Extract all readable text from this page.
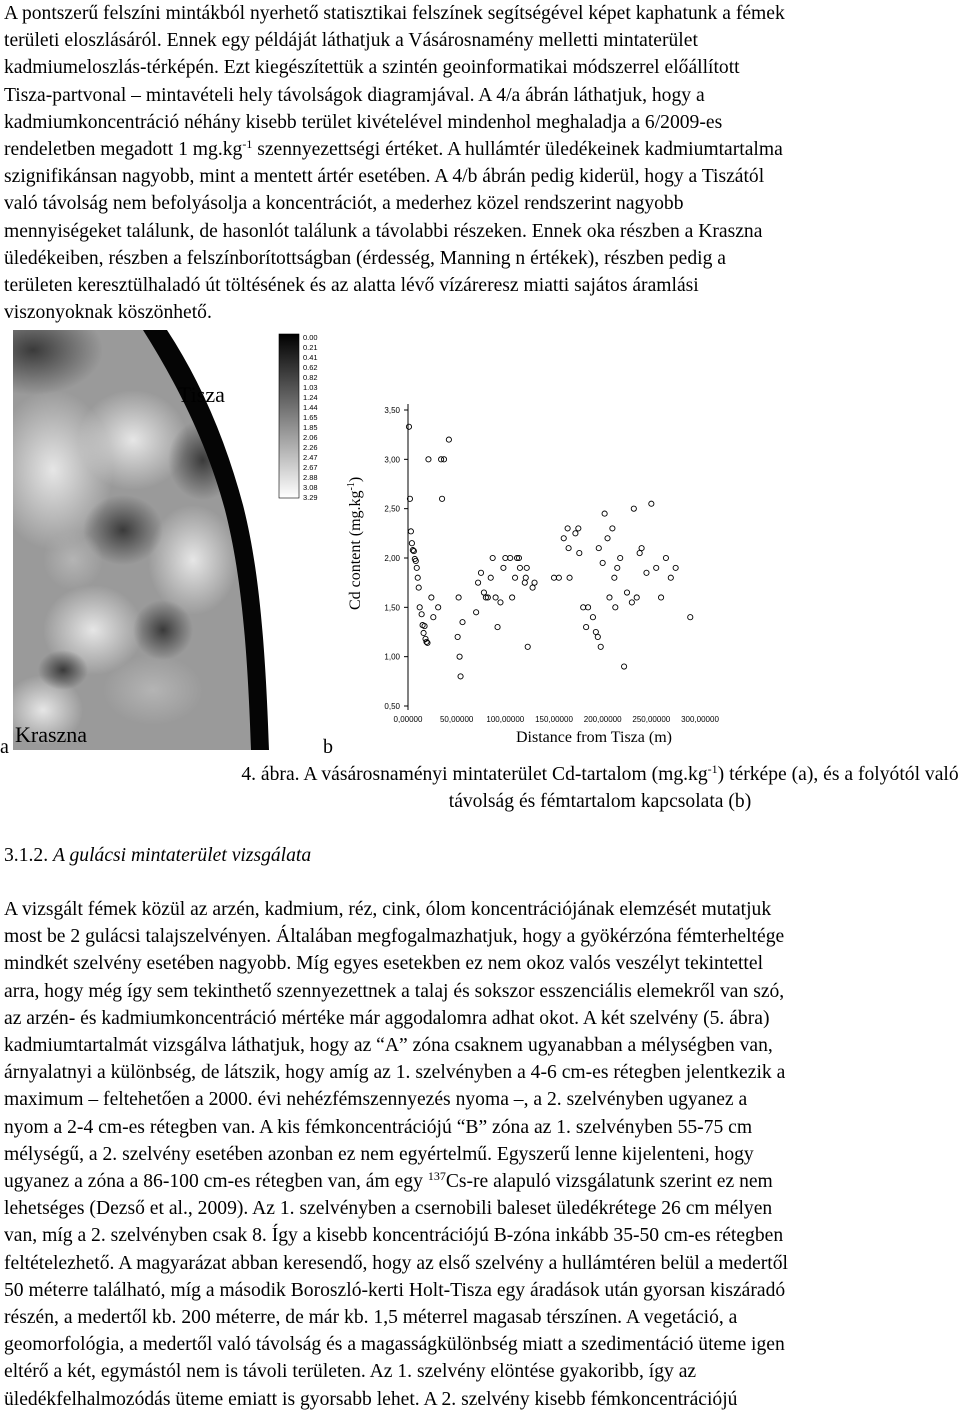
A pontszerű felszíni mintákból nyerhető statisztikai felszínek segítségével képet kaphatunk a fémek
területi eloszlásáról. Ennek egy példáját láthatjuk a Vásárosnamény melletti mintaterület
kadmiumeloszlás-térképén. Ezt kiegészítettük a szintén geoinformatikai módszerrel előállított
Tisza-partvonal – mintavételi hely távolságok diagramjával. A 4/a ábrán láthatjuk, hogy a
kadmiumkoncentráció néhány kisebb terület kivételével mindenhol meghaladja a 6/2009-es
rendeletben megadott 1 $mg.kg^{-1}$ szennyezettségi értéket. A hullámtér üledékeinek kadmiumtartalma
szignifikánsan nagyobb, mint a mentett ártér esetében. A 4/b ábrán pedig kiderül, hogy a Tiszától
való távolság nem befolyásolja a koncentrációt, a mederhez közel rendszerint nagyobb
mennyiségeket találunk, de hasonlót találunk a távolabbi részeken. Ennek oka részben a Kraszna
üledékeiben, részben a felszínborítottságban (érdesség, Manning n értékek), részben pedig a
területen keresztülhaladó út töltésének és az alatta lévő vízáreresz miatti sajátos áramlási
viszonyoknak köszönhető.
Tisza
Kraszna
0.00
0.21
0.41
0.62
0.82
1.03
1.24
1.44
1.65
1.85
2.06
2.26
2.47
2.67
2.88
3.08
3.29
a
3,50
3,00
2,50
2,00
1,50
1,00
0,50
0,00000 50,00000 100,00000 150,00000 200,00000 250,00000 300,00000
Cd content $(mg.kg^{-1})$
Distance from Tisza (m)
b
4. ábra. A vásárosnaményi mintaterület Cd-tartalom $(mg.kg^{-1})$ térképe (a), és a folyótól való
távolság és fémtartalom kapcsolata (b)
3.1.2. A gulácsi mintaterület vizsgálata
A vizsgált fémek közül az arzén, kadmium, réz, cink, ólom koncentrációjának elemzését mutatjuk
most be 2 gulácsi talajszelvényen. Általában megfogalmazhatjuk, hogy a gyökérzóna fémterheltége
mindkét szelvény esetében nagyobb. Míg egyes esetekben ez nem okoz valós veszélyt tekintettel
arra, hogy még így sem tekinthető szennyezettnek a talaj és sokszor esszenciális elemekről van szó,
az arzén- és kadmiumkoncentráció mértéke már aggodalomra adhat okot. A két szelvény (5. ábra)
kadmiumtartalmát vizsgálva láthatjuk, hogy az “A” zóna csaknem ugyanabban a mélységben van,
árnyalatnyi a különbség, de látszik, hogy amíg az 1. szelvényben a 4-6 cm-es rétegben jelentkezik a
maximum – feltehetően a 2000. évi nehézfémszennyezés nyoma –, a 2. szelvényben ugyanez a
nyom a 2-4 cm-es rétegben van. A kis fémkoncentrációjú “B” zóna az 1. szelvényben 55-75 cm
mélységű, a 2. szelvény esetében azonban ez nem egyértelmű. Egyszerű lenne kijelenteni, hogy
ugyanez a zóna a 86-100 cm-es rétegben van, ám egy $^{137}$Cs-re alapuló vizsgálatunk szerint ez nem
lehetséges (Dezső et al., 2009). Az 1. szelvényben a csernobili baleset üledékrétege 26 cm mélyen
van, míg a 2. szelvényben csak 8. Így a kisebb koncentrációjú B-zóna inkább 35-50 cm-es rétegben
feltételezhető. A magyarázat abban keresendő, hogy az első szelvény a hullámtéren belül a medertől
50 méterre található, míg a második Boroszló-kerti Holt-Tisza egy áradások után gyorsan kiszáradó
részén, a medertől kb. 200 méterre, de már kb. 1,5 méterrel magasab térszínen. A vegetáció, a
geomorfológia, a medertől való távolság és a magasságkülönbség miatt a szedimentáció üteme igen
eltérő a két, egymástól nem is távoli területen. Az 1. szelvény elöntése gyakoribb, így az
üledékfelhalmozódás üteme emiatt is gyorsabb lehet. A 2. szelvény kisebb fémkoncentrációjú
